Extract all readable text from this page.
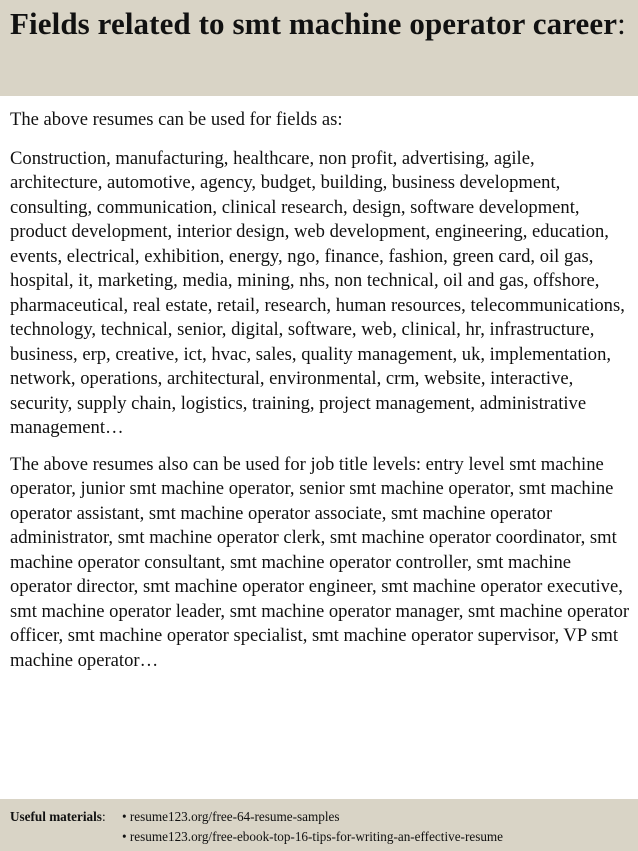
Fields related to smt machine operator career:

The above resumes can be used for fields as:

Construction, manufacturing, healthcare, non profit, advertising, agile, architecture, automotive, agency, budget, building, business development, consulting, communication, clinical research, design, software development, product development, interior design, web development, engineering, education, events, electrical, exhibition, energy, ngo, finance, fashion, green card, oil gas, hospital, it, marketing, media, mining, nhs, non technical, oil and gas, offshore, pharmaceutical, real estate, retail, research, human resources, telecommunications, technology, technical, senior, digital, software, web, clinical, hr, infrastructure, business, erp, creative, ict, hvac, sales, quality management, uk, implementation, network, operations, architectural, environmental, crm, website, interactive, security, supply chain, logistics, training, project management, administrative management…

The above resumes also can be used for job title levels: entry level smt machine operator, junior smt machine operator, senior smt machine operator, smt machine operator assistant, smt machine operator associate, smt machine operator administrator, smt machine operator clerk, smt machine operator coordinator, smt machine operator consultant, smt machine operator controller, smt machine operator director, smt machine operator engineer, smt machine operator executive, smt machine operator leader, smt machine operator manager, smt machine operator officer, smt machine operator specialist, smt machine operator supervisor, VP smt machine operator…

Useful materials:	• resume123.org/free-64-resume-samples
• resume123.org/free-ebook-top-16-tips-for-writing-an-effective-resume
